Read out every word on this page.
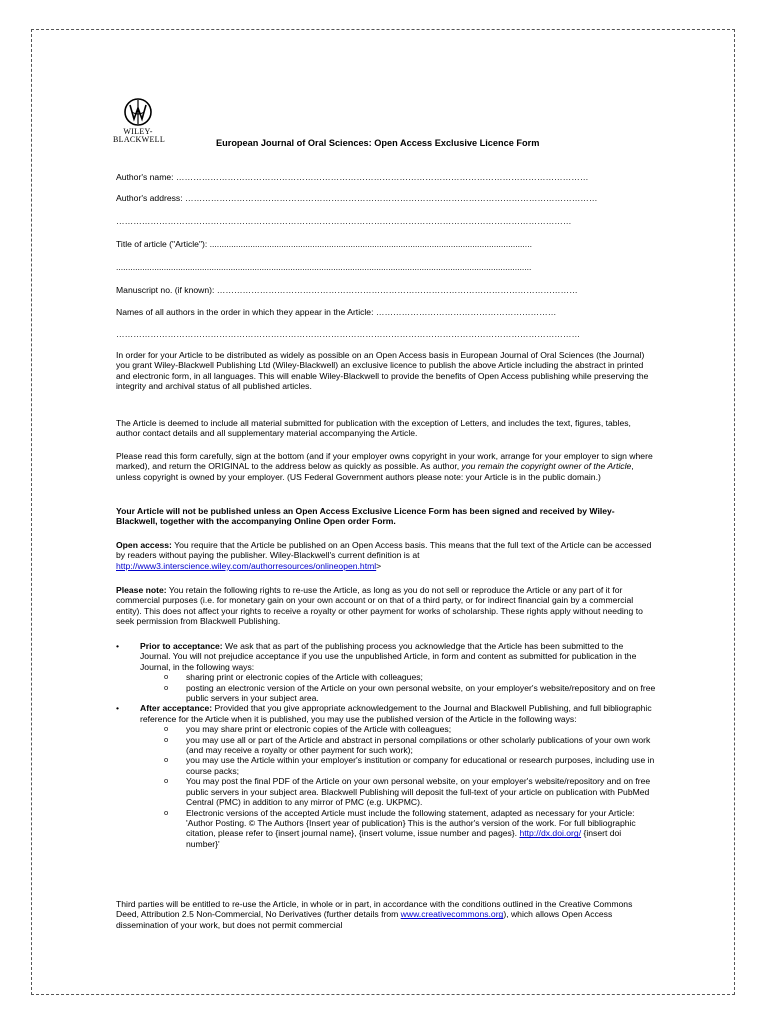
WILEY-
BLACKWELL	European Journal of Oral Sciences: Open Access Exclusive Licence Form
Author's name: ………………………………………………………………………………………………………………………………
Author's address: ………………………………………………………………………………………………………………………………
……………………………………………………………………………………………………………………………………………
Title of article ("Article"): .......................................................................................................................................
..............................................................................................................................................................................
Manuscript no. (if known): ………………………………………………………………………………………………………………
Names of all authors in the order in which they appear in the Article: ………………………………………………………
………………………………………………………………………………………………………………………………………………
In order for your Article to be distributed as widely as possible on an Open Access basis in European Journal of Oral Sciences (the Journal) you grant Wiley-Blackwell Publishing Ltd (Wiley-Blackwell) an exclusive licence to publish the above Article including the abstract in printed and electronic form, in all languages. This will enable Wiley-Blackwell to provide the benefits of Open Access publishing while preserving the integrity and archival status of all published articles.
The Article is deemed to include all material submitted for publication with the exception of Letters, and includes the text, figures, tables, author contact details and all supplementary material accompanying the Article.
Please read this form carefully, sign at the bottom (and if your employer owns copyright in your work, arrange for your employer to sign where marked), and return the ORIGINAL to the address below as quickly as possible. As author, you remain the copyright owner of the Article, unless copyright is owned by your employer. (US Federal Government authors please note: your Article is in the public domain.)
Your Article will not be published unless an Open Access Exclusive Licence Form has been signed and received by Wiley-Blackwell, together with the accompanying Online Open order Form.
Open access: You require that the Article be published on an Open Access basis. This means that the full text of the Article can be accessed by readers without paying the publisher. Wiley-Blackwell's current definition is at http://www3.interscience.wiley.com/authorresources/onlineopen.html>
Please note: You retain the following rights to re-use the Article, as long as you do not sell or reproduce the Article or any part of it for commercial purposes (i.e. for monetary gain on your own account or on that of a third party, or for indirect financial gain by a commercial entity). This does not affect your rights to receive a royalty or other payment for works of scholarship. These rights apply without needing to seek permission from Blackwell Publishing.
• Prior to acceptance: We ask that as part of the publishing process you acknowledge that the Article has been submitted to the Journal. You will not prejudice acceptance if you use the unpublished Article, in form and content as submitted for publication in the Journal, in the following ways:
o sharing print or electronic copies of the Article with colleagues;
o posting an electronic version of the Article on your own personal website, on your employer's website/repository and on free public servers in your subject area.
• After acceptance: Provided that you give appropriate acknowledgement to the Journal and Blackwell Publishing, and full bibliographic reference for the Article when it is published, you may use the published version of the Article in the following ways:
o you may share print or electronic copies of the Article with colleagues;
o you may use all or part of the Article and abstract in personal compilations or other scholarly publications of your own work (and may receive a royalty or other payment for such work);
o you may use the Article within your employer's institution or company for educational or research purposes, including use in course packs;
o You may post the final PDF of the Article on your own personal website, on your employer's website/repository and on free public servers in your subject area. Blackwell Publishing will deposit the full-text of your article on publication with PubMed Central (PMC) in addition to any mirror of PMC (e.g. UKPMC).
o Electronic versions of the accepted Article must include the following statement, adapted as necessary for your Article: 'Author Posting. © The Authors {Insert year of publication} This is the author's version of the work. For full bibliographic citation, please refer to {insert journal name}, {insert volume, issue number and pages}. http://dx.doi.org/ {insert doi number}'
Third parties will be entitled to re-use the Article, in whole or in part, in accordance with the conditions outlined in the Creative Commons Deed, Attribution 2.5 Non-Commercial, No Derivatives (further details from www.creativecommons.org), which allows Open Access dissemination of your work, but does not permit commercial
